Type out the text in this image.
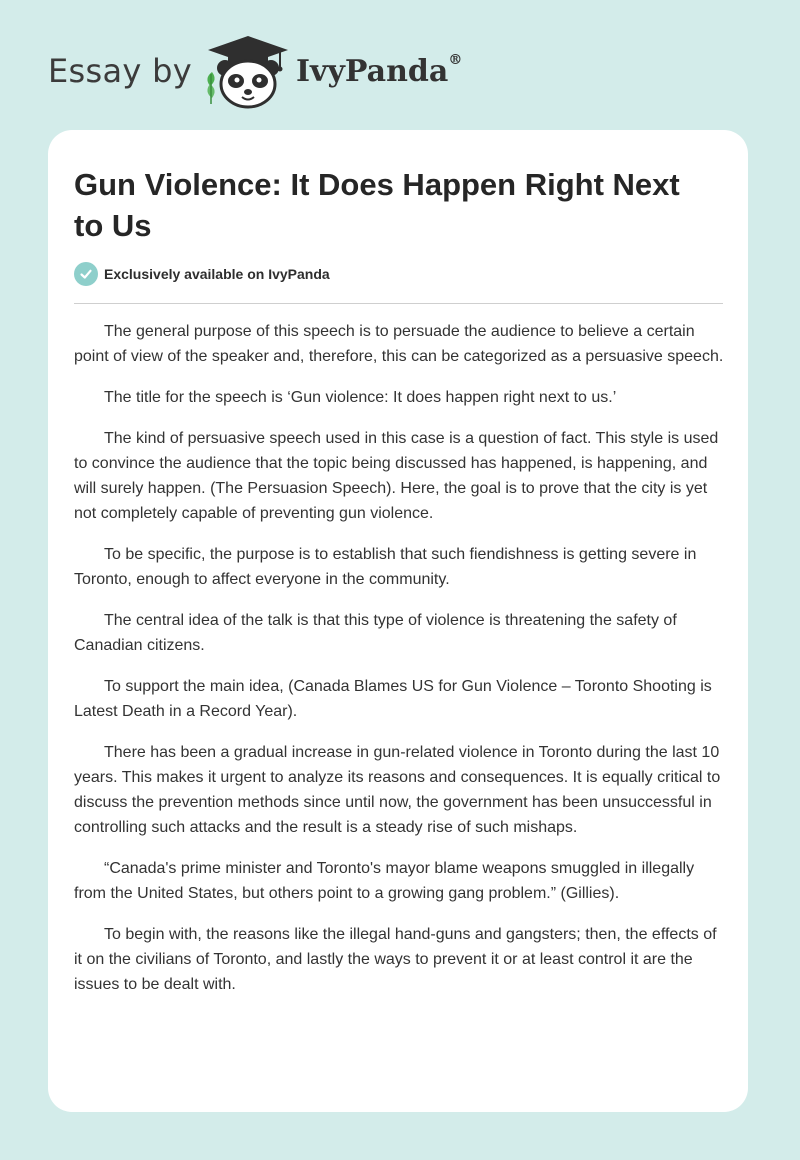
Essay by	IvyPanda®
Gun Violence: It Does Happen Right Next to Us
Exclusively available on IvyPanda

The general purpose of this speech is to persuade the audience to believe a certain point of view of the speaker and, therefore, this can be categorized as a persuasive speech.

The title for the speech is ‘Gun violence: It does happen right next to us.’

The kind of persuasive speech used in this case is a question of fact. This style is used to convince the audience that the topic being discussed has happened, is happening, and will surely happen. (The Persuasion Speech). Here, the goal is to prove that the city is yet not completely capable of preventing gun violence.

To be specific, the purpose is to establish that such fiendishness is getting severe in Toronto, enough to affect everyone in the community.

The central idea of the talk is that this type of violence is threatening the safety of Canadian citizens.

To support the main idea, (Canada Blames US for Gun Violence – Toronto Shooting is Latest Death in a Record Year).

There has been a gradual increase in gun-related violence in Toronto during the last 10 years. This makes it urgent to analyze its reasons and consequences. It is equally critical to discuss the prevention methods since until now, the government has been unsuccessful in controlling such attacks and the result is a steady rise of such mishaps.

“Canada's prime minister and Toronto's mayor blame weapons smuggled in illegally from the United States, but others point to a growing gang problem.” (Gillies).

To begin with, the reasons like the illegal hand-guns and gangsters; then, the effects of it on the civilians of Toronto, and lastly the ways to prevent it or at least control it are the issues to be dealt with.
